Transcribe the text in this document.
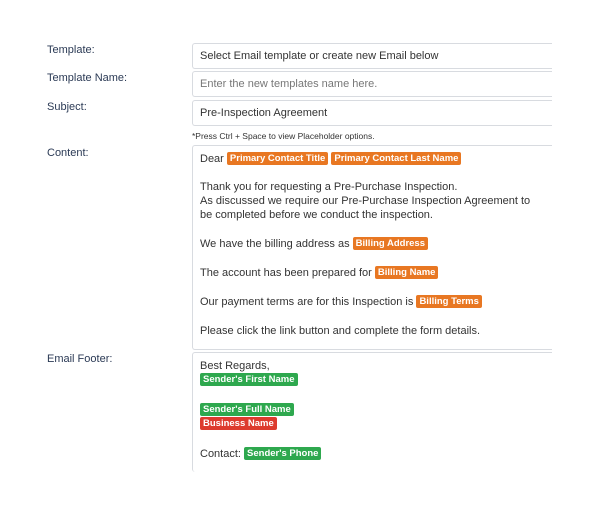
Template:	Select Email template or create new Email below
Template Name:
Enter the new templates name here.
Subject:	Pre-Inspection Agreement
*Press Ctrl + Space to view Placeholder options.
Content:	Dear Primary Contact Title Primary Contact Last Name
Thank you for requesting a Pre-Purchase Inspection.
As discussed we require our Pre-Purchase Inspection Agreement to
be completed before we conduct the inspection.
We have the billing address as Billing Address
The account has been prepared for Billing Name
Our payment terms are for this Inspection is Billing Terms
Please click the link button and complete the form details.
Email Footer:
Best Regards,
Sender's First Name
Sender's Full Name
Business Name
Contact: Sender's Phone
